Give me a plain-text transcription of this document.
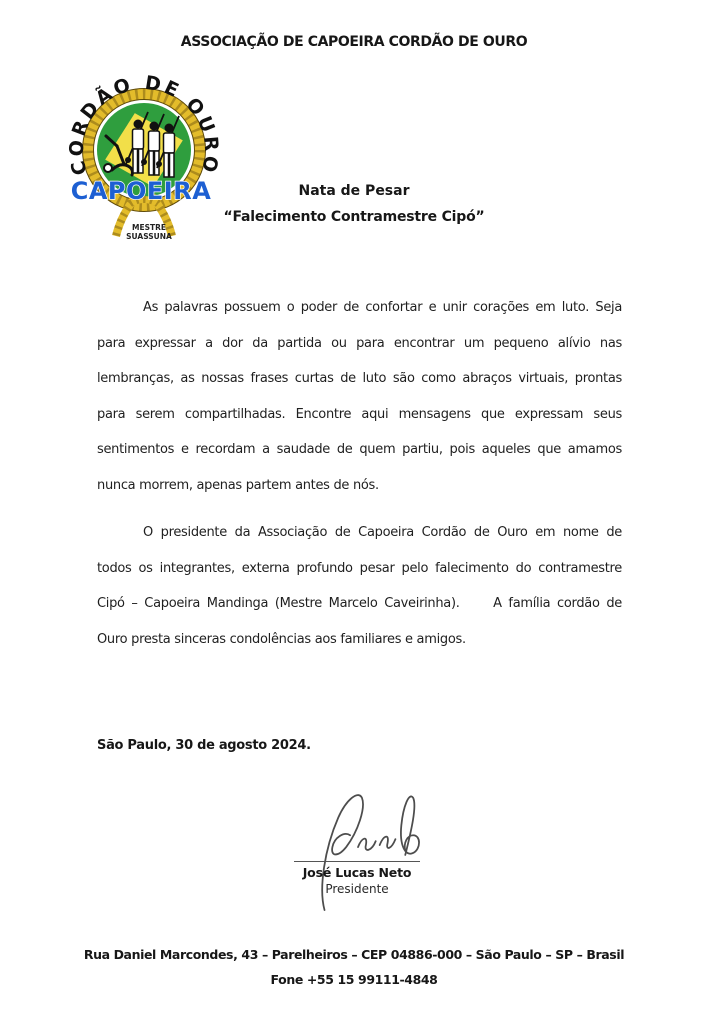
ASSOCIAÇÃO DE CAPOEIRA CORDÃO DE OURO
CORDÃO DE OURO
CAPOEIRA
MESTRE
SUASSUNA
Nata de Pesar
“Falecimento Contramestre Cipó”
As palavras possuem o poder de confortar e unir corações em luto. Seja
para expressar a dor da partida ou para encontrar um pequeno alívio nas
lembranças, as nossas frases curtas de luto são como abraços virtuais, prontas
para serem compartilhadas. Encontre aqui mensagens que expressam seus
sentimentos e recordam a saudade de quem partiu, pois aqueles que amamos
nunca morrem, apenas partem antes de nós.
O presidente da Associação de Capoeira Cordão de Ouro em nome de
todos os integrantes, externa profundo pesar pelo falecimento do contramestre
Cipó – Capoeira Mandinga (Mestre Marcelo Caveirinha).     A família cordão de
Ouro presta sinceras condolências aos familiares e amigos.
São Paulo, 30 de agosto 2024.
José Lucas Neto
Presidente
Rua Daniel Marcondes, 43 – Parelheiros – CEP 04886-000 – São Paulo – SP – Brasil
Fone +55 15 99111-4848
